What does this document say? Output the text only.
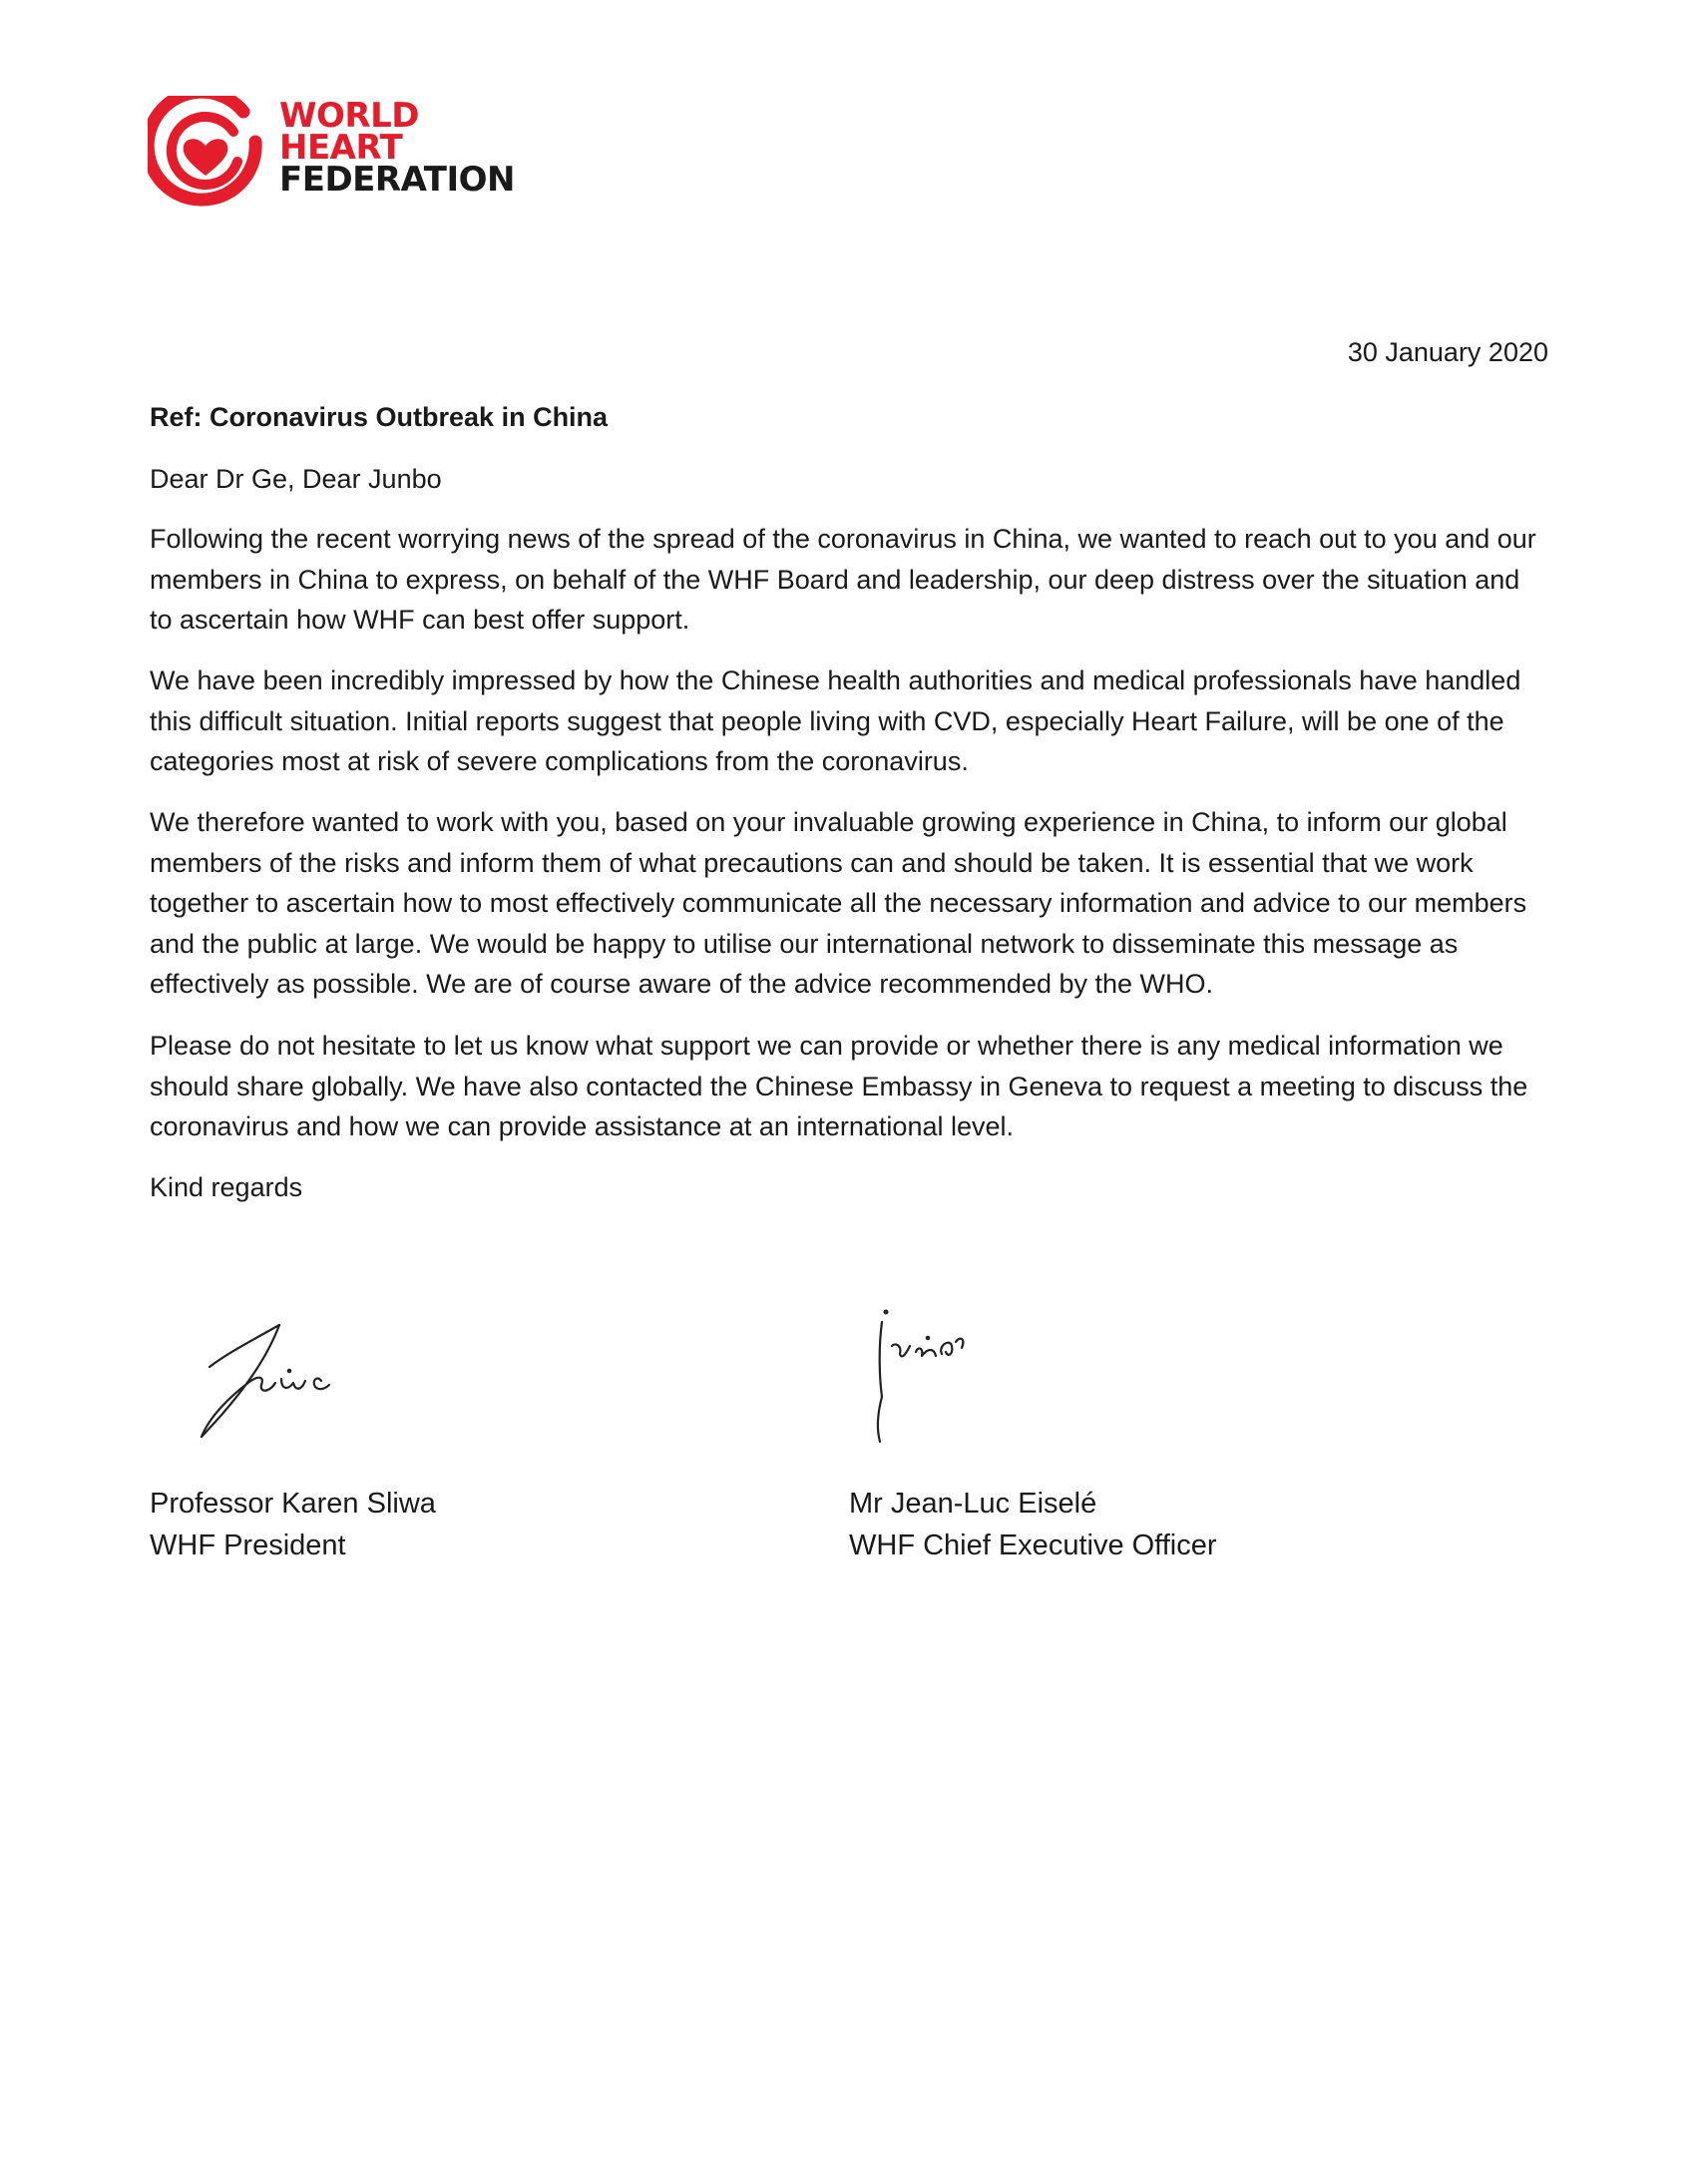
WORLD
HEART
FEDERATION
30 January 2020
Ref: Coronavirus Outbreak in China
Dear Dr Ge, Dear Junbo

Following the recent worrying news of the spread of the coronavirus in China, we wanted to reach out to you and our members in China to express, on behalf of the WHF Board and leadership, our deep distress over the situation and to ascertain how WHF can best offer support.

We have been incredibly impressed by how the Chinese health authorities and medical professionals have handled this difficult situation. Initial reports suggest that people living with CVD, especially Heart Failure, will be one of the categories most at risk of severe complications from the coronavirus.

We therefore wanted to work with you, based on your invaluable growing experience in China, to inform our global members of the risks and inform them of what precautions can and should be taken. It is essential that we work together to ascertain how to most effectively communicate all the necessary information and advice to our members and the public at large. We would be happy to utilise our international network to disseminate this message as effectively as possible. We are of course aware of the advice recommended by the WHO.

Please do not hesitate to let us know what support we can provide or whether there is any medical information we should share globally. We have also contacted the Chinese Embassy in Geneva to request a meeting to discuss the coronavirus and how we can provide assistance at an international level.

Kind regards
Professor Karen Sliwa
WHF President
Mr Jean-Luc Eiselé
WHF Chief Executive Officer
